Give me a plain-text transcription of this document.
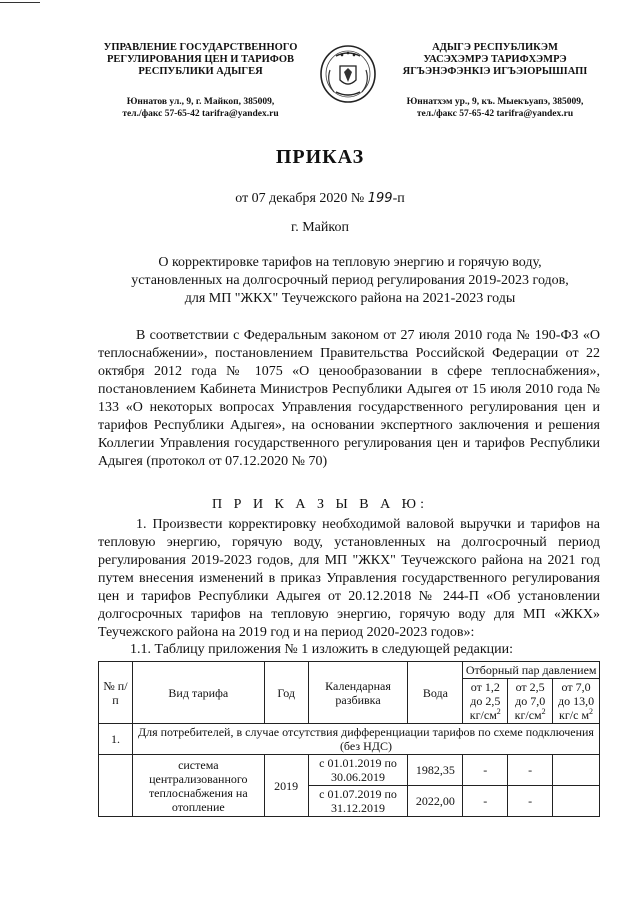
УПРАВЛЕНИЕ ГОСУДАРСТВЕННОГО
РЕГУЛИРОВАНИЯ ЦЕН И ТАРИФОВ
РЕСПУБЛИКИ АДЫГЕЯ
АДЫГЭ РЕСПУБЛИКЭМ
УАСЭХЭМРЭ ТАРИФХЭМРЭ
ЯГЪЭНЭФЭНКIЭ ИГЪЭIОРЫШIАПI
Юннатов ул., 9, г. Майкоп, 385009,
тел./факс 57-65-42 tarifra@yandex.ru
Юннатхэм ур., 9, къ. Мыекъуапэ, 385009,
тел./факс 57-65-42 tarifra@yandex.ru
ПРИКАЗ
от 07 декабря 2020 № 199-п
г. Майкоп
О корректировке тарифов на тепловую энергию и горячую воду,
установленных на долгосрочный период регулирования 2019-2023 годов,
для МП "ЖКХ" Теучежского района на 2021-2023 годы
В соответствии с Федеральным законом от 27 июля 2010 года № 190-ФЗ «О теплоснабжении», постановлением Правительства Российской Федерации от 22 октября 2012 года № 1075 «О ценообразовании в сфере теплоснабжения», постановлением Кабинета Министров Республики Адыгея от 15 июля 2010 года № 133 «О некоторых вопросах Управления государственного регулирования цен и тарифов Республики Адыгея», на основании экспертного заключения и решения Коллегии Управления государственного регулирования цен и тарифов Республики Адыгея (протокол от 07.12.2020 № 70)
П Р И К А З Ы В А Ю:
1. Произвести корректировку необходимой валовой выручки и тарифов на тепловую энергию, горячую воду, установленных на долгосрочный период регулирования 2019-2023 годов, для МП "ЖКХ" Теучежского района на 2021 год путем внесения изменений в приказ Управления государственного регулирования цен и тарифов Республики Адыгея от 20.12.2018 № 244-П «Об установлении долгосрочных тарифов на тепловую энергию, горячую воду для МП «ЖКХ» Теучежского района на 2019 год и на период 2020-2023 годов»:
1.1. Таблицу приложения № 1 изложить в следующей редакции:
№ п/п	Вид тарифа	Год	Календарная разбивка	Вода	Отборный пар давлением		
					от 1,2 до 2,5 $кг/см^2$	от 2,5 до 7,0 $кг/см^2$	от 7,0 до 13,0 кг/с $м^2$
1.	Для потребителей, в случае отсутствия дифференциации тарифов по схеме подключения (без НДС)						
	система централизованного теплоснабжения на отопление	2019	с 01.01.2019 по 30.06.2019	1982,35	-	-	
			с 01.07.2019 по 31.12.2019	2022,00	-	-	
